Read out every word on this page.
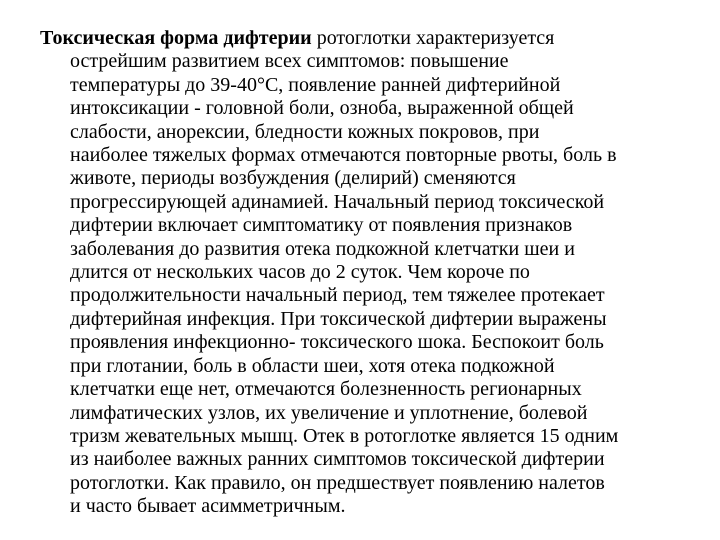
Токсическая форма дифтерии ротоглотки характеризуется
острейшим развитием всех симптомов: повышение
температуры до 39-40°С, появление ранней дифтерийной
интоксикации - головной боли, озноба, выраженной общей
слабости, анорексии, бледности кожных покровов, при
наиболее тяжелых формах отмечаются повторные рвоты, боль в
животе, периоды возбуждения (делирий) сменяются
прогрессирующей адинамией. Начальный период токсической
дифтерии включает симптоматику от появления признаков
заболевания до развития отека подкожной клетчатки шеи и
длится от нескольких часов до 2 суток. Чем короче по
продолжительности начальный период, тем тяжелее протекает
дифтерийная инфекция. При токсической дифтерии выражены
проявления инфекционно- токсического шока. Беспокоит боль
при глотании, боль в области шеи, хотя отека подкожной
клетчатки еще нет, отмечаются болезненность регионарных
лимфатических узлов, их увеличение и уплотнение, болевой
тризм жевательных мышц. Отек в ротоглотке является 15 одним
из наиболее важных ранних симптомов токсической дифтерии
ротоглотки. Как правило, он предшествует появлению налетов
и часто бывает асимметричным.
